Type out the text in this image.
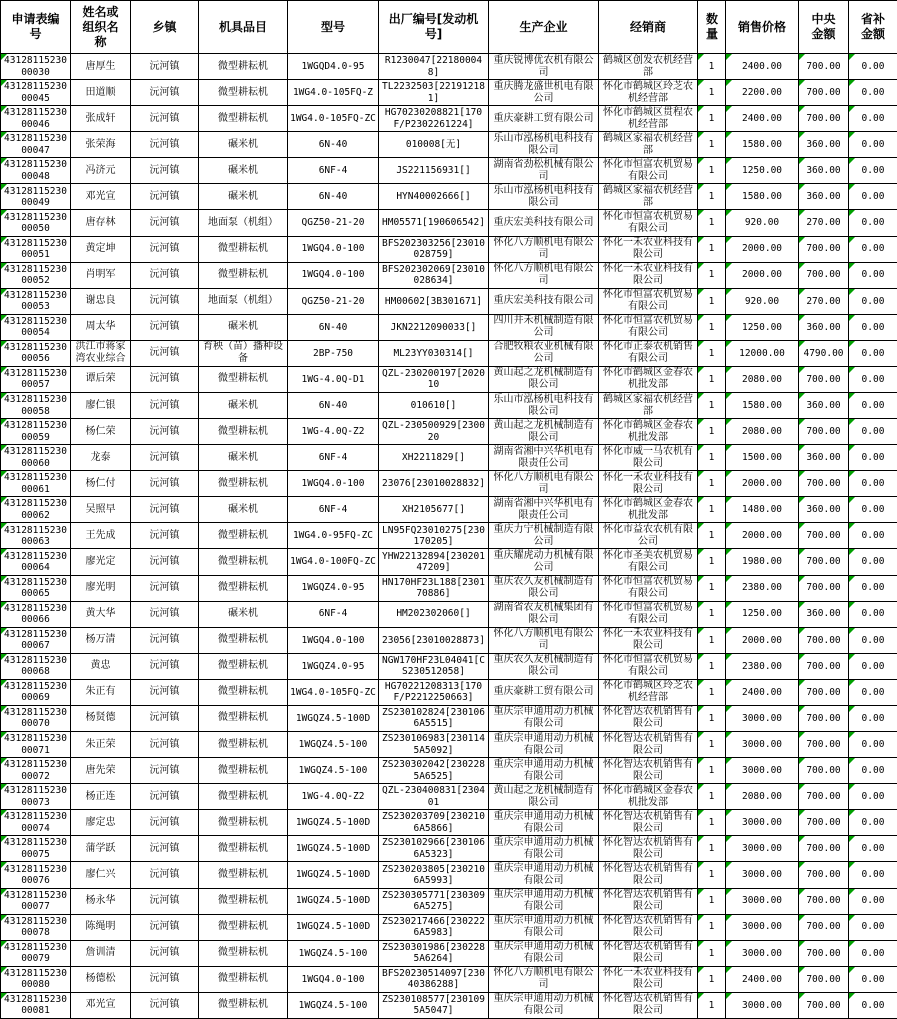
申请表编号	姓名或组织名称	乡镇	机具品目	型号	出厂编号[发动机号]	生产企业	经销商	数量	销售价格	中央金额	省补金额
4312811523000030	唐厚生	沅河镇	微型耕耘机	1WGQD4.0-95	R1230047[221800048]	重庆锐博优农机有限公司	鹤城区创发农机经营部	1	2400.00	700.00	0.00
4312811523000045	田道顺	沅河镇	微型耕耘机	1WG4.0-105FQ-Z	TL2232503[221912181]	重庆腾龙盛世机电有限公司	怀化市鹤城区玲芝农机经营部	1	2200.00	700.00	0.00
4312811523000046	张成轩	沅河镇	微型耕耘机	1WG4.0-105FQ-ZC	HG70230208821[170F/P2302261224]	重庆豪耕工贸有限公司	怀化市鹤城区贯程农机经营部	1	2400.00	700.00	0.00
4312811523000047	张荣海	沅河镇	碾米机	6N-40	010008[无]	乐山市泓杨机电科技有限公司	鹤城区家福农机经营部	1	1580.00	360.00	0.00
4312811523000048	冯济元	沅河镇	碾米机	6NF-4	JS221156931[]	湖南省劲松机械有限公司	怀化市恒富农机贸易有限公司	1	1250.00	360.00	0.00
4312811523000049	邓光宣	沅河镇	碾米机	6N-40	HYN40002666[]	乐山市泓杨机电科技有限公司	鹤城区家福农机经营部	1	1580.00	360.00	0.00
4312811523000050	唐存林	沅河镇	地面泵（机组）	QGZ50-21-20	HM05571[190606542]	重庆宏美科技有限公司	怀化市恒富农机贸易有限公司	1	920.00	270.00	0.00
4312811523000051	黄定坤	沅河镇	微型耕耘机	1WGQ4.0-100	BFS202303256[23010028759]	怀化八方顺机电有限公司	怀化一禾农业科技有限公司	1	2000.00	700.00	0.00
4312811523000052	肖明军	沅河镇	微型耕耘机	1WGQ4.0-100	BFS202302069[23010028634]	怀化八方顺机电有限公司	怀化一禾农业科技有限公司	1	2000.00	700.00	0.00
4312811523000053	谢忠良	沅河镇	地面泵（机组）	QGZ50-21-20	HM00602[3B301671]	重庆宏美科技有限公司	怀化市恒富农机贸易有限公司	1	920.00	270.00	0.00
4312811523000054	周太华	沅河镇	碾米机	6N-40	JKN2212090033[]	四川井禾机械制造有限公司	怀化市恒富农机贸易有限公司	1	1250.00	360.00	0.00
4312811523000056	洪江市蒋家湾农业综合	沅河镇	育秧（苗）播种设备	2BP-750	ML23YY030314[]	合肥牧粮农业机械有限公司	怀化市正泰农机销售有限公司	1	12000.00	4790.00	0.00
4312811523000057	谭后荣	沅河镇	微型耕耘机	1WG-4.0Q-D1	QZL-230200197[202010	黄山起之龙机械制造有限公司	怀化市鹤城区金春农机批发部	1	2080.00	700.00	0.00
4312811523000058	廖仁银	沅河镇	碾米机	6N-40	010610[]	乐山市泓杨机电科技有限公司	鹤城区家福农机经营部	1	1580.00	360.00	0.00
4312811523000059	杨仁荣	沅河镇	微型耕耘机	1WG-4.0Q-Z2	QZL-230500929[230020	黄山起之龙机械制造有限公司	怀化市鹤城区金春农机批发部	1	2080.00	700.00	0.00
4312811523000060	龙泰	沅河镇	碾米机	6NF-4	XH2211829[]	湖南省湘中兴华机电有限责任公司	怀化市威一马农机有限公司	1	1500.00	360.00	0.00
4312811523000061	杨仁付	沅河镇	微型耕耘机	1WGQ4.0-100	23076[23010028832]	怀化八方顺机电有限公司	怀化一禾农业科技有限公司	1	2000.00	700.00	0.00
4312811523000062	吴照早	沅河镇	碾米机	6NF-4	XH2105677[]	湖南省湘中兴华机电有限责任公司	怀化市鹤城区金春农机批发部	1	1480.00	360.00	0.00
4312811523000063	王先成	沅河镇	微型耕耘机	1WG4.0-95FQ-ZC	LN95FQ23010275[230170205]	重庆力宁机械制造有限公司	怀化市益农农机有限公司	1	2000.00	700.00	0.00
4312811523000064	廖光定	沅河镇	微型耕耘机	1WG4.0-100FQ-ZC	YHW22132894[23020147209]	重庆耀虎动力机械有限公司	怀化市圣美农机贸易有限公司	1	1980.00	700.00	0.00
4312811523000065	廖光明	沅河镇	微型耕耘机	1WGQZ4.0-95	HN170HF23L188[230170886]	重庆农久友机械制造有限公司	怀化市恒富农机贸易有限公司	1	2380.00	700.00	0.00
4312811523000066	黄大华	沅河镇	碾米机	6NF-4	HM202302060[]	湖南省农友机械集团有限公司	怀化市恒富农机贸易有限公司	1	1250.00	360.00	0.00
4312811523000067	杨万清	沅河镇	微型耕耘机	1WGQ4.0-100	23056[23010028873]	怀化八方顺机电有限公司	怀化一禾农业科技有限公司	1	2000.00	700.00	0.00
4312811523000068	黄忠	沅河镇	微型耕耘机	1WGQZ4.0-95	NGW170HF23L04041[CS230512058]	重庆农久友机械制造有限公司	怀化市恒富农机贸易有限公司	1	2380.00	700.00	0.00
4312811523000069	朱正有	沅河镇	微型耕耘机	1WG4.0-105FQ-ZC	HG70221208313[170F/P2212250663]	重庆豪耕工贸有限公司	怀化市鹤城区玲芝农机经营部	1	2400.00	700.00	0.00
4312811523000070	杨贤德	沅河镇	微型耕耘机	1WGQZ4.5-100D	ZS230102824[2301066A5515]	重庆宗申通用动力机械有限公司	怀化智达农机销售有限公司	1	3000.00	700.00	0.00
4312811523000071	朱正荣	沅河镇	微型耕耘机	1WGQZ4.5-100	ZS230106983[2301145A5092]	重庆宗申通用动力机械有限公司	怀化智达农机销售有限公司	1	3000.00	700.00	0.00
4312811523000072	唐先荣	沅河镇	微型耕耘机	1WGQZ4.5-100	ZS230302042[2302285A6525]	重庆宗申通用动力机械有限公司	怀化智达农机销售有限公司	1	3000.00	700.00	0.00
4312811523000073	杨正连	沅河镇	微型耕耘机	1WG-4.0Q-Z2	QZL-230400831[230401	黄山起之龙机械制造有限公司	怀化市鹤城区金春农机批发部	1	2080.00	700.00	0.00
4312811523000074	廖定忠	沅河镇	微型耕耘机	1WGQZ4.5-100D	ZS230203709[2302106A5866]	重庆宗申通用动力机械有限公司	怀化智达农机销售有限公司	1	3000.00	700.00	0.00
4312811523000075	蒲学跃	沅河镇	微型耕耘机	1WGQZ4.5-100D	ZS230102966[2301066A5323]	重庆宗申通用动力机械有限公司	怀化智达农机销售有限公司	1	3000.00	700.00	0.00
4312811523000076	廖仁兴	沅河镇	微型耕耘机	1WGQZ4.5-100D	ZS230203805[2302106A5993]	重庆宗申通用动力机械有限公司	怀化智达农机销售有限公司	1	3000.00	700.00	0.00
4312811523000077	杨永华	沅河镇	微型耕耘机	1WGQZ4.5-100D	ZS230305771[2303096A5275]	重庆宗申通用动力机械有限公司	怀化智达农机销售有限公司	1	3000.00	700.00	0.00
4312811523000078	陈绳明	沅河镇	微型耕耘机	1WGQZ4.5-100D	ZS230217466[2302226A5983]	重庆宗申通用动力机械有限公司	怀化智达农机销售有限公司	1	3000.00	700.00	0.00
4312811523000079	詹训清	沅河镇	微型耕耘机	1WGQZ4.5-100	ZS230301986[2302285A6264]	重庆宗申通用动力机械有限公司	怀化智达农机销售有限公司	1	3000.00	700.00	0.00
4312811523000080	杨德松	沅河镇	微型耕耘机	1WGQ4.0-100	BFS20230514097[23040386288]	怀化八方顺机电有限公司	怀化一禾农业科技有限公司	1	2400.00	700.00	0.00
4312811523000081	邓光宣	沅河镇	微型耕耘机	1WGQZ4.5-100	ZS230108577[2301095A5047]	重庆宗申通用动力机械有限公司	怀化智达农机销售有限公司	1	3000.00	700.00	0.00
